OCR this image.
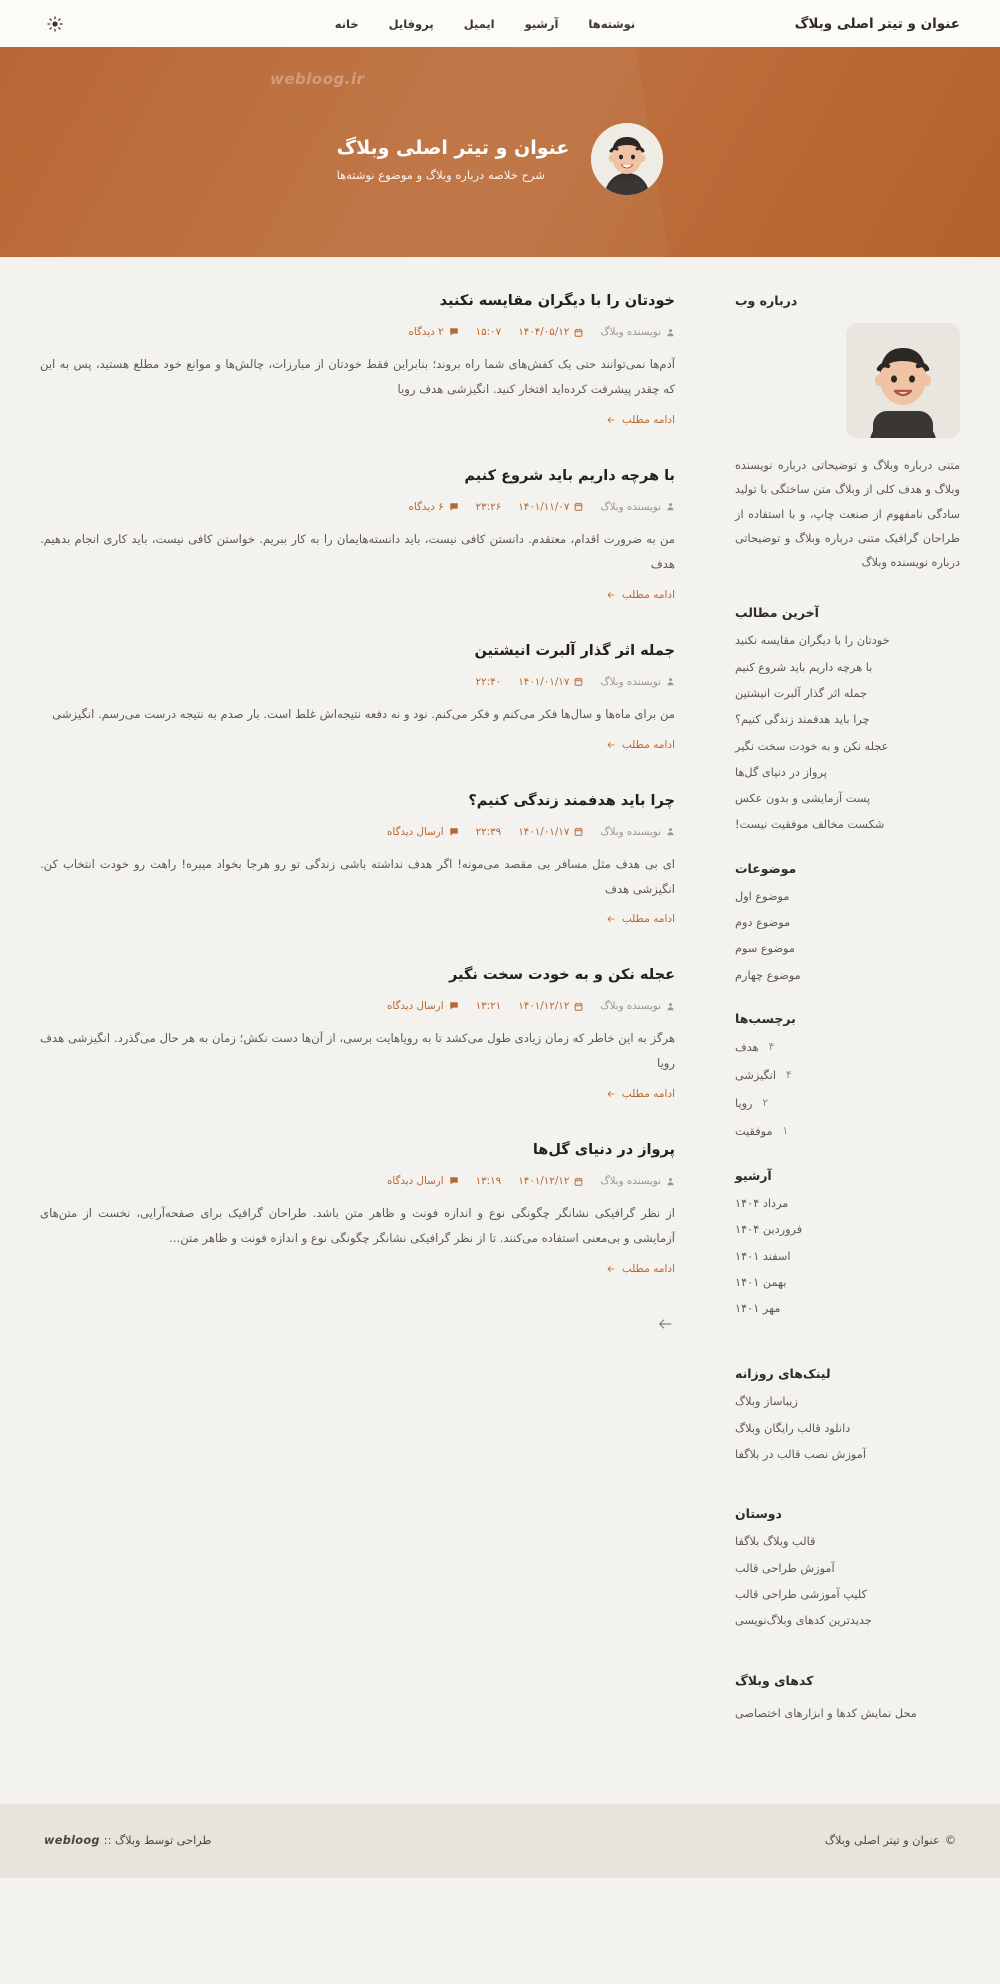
عنوان و تیتر اصلی وبلاگ
نوشته‌ها
آرشیو
ایمیل
پروفایل
خانه
webloog.ir
عنوان و تیتر اصلی وبلاگ
شرح خلاصه درباره وبلاگ و موضوع نوشته‌ها
درباره وب
متنی درباره وبلاگ و توضیحاتی درباره نویسنده وبلاگ و هدف کلی از وبلاگ متن ساختگی با تولید سادگی نامفهوم از صنعت چاپ، و با استفاده از طراحان گرافیک متنی درباره وبلاگ و توضیحاتی درباره نویسنده وبلاگ
آخرین مطالب
خودتان را با دیگران مقایسه نکنید
با هرچه داریم باید شروع کنیم
جمله اثر گذار آلبرت انیشتین
چرا باید هدفمند زندگی کنیم؟
عجله نکن و به خودت سخت نگیر
پرواز در دنیای گل‌ها
پست آزمایشی و بدون عکس
شکست مخالف موفقیت نیست!
موضوعات
موضوع اول
موضوع دوم
موضوع سوم
موضوع چهارم
برچسب‌ها
هدف ۴
انگیزشی ۴
رویا ۲
موفقیت ۱
آرشیو
مرداد ۱۴۰۴
فروردین ۱۴۰۴
اسفند ۱۴۰۱
بهمن ۱۴۰۱
مهر ۱۴۰۱
لینک‌های روزانه
زیباساز وبلاگ
دانلود قالب رایگان وبلاگ
آموزش نصب قالب در بلاگفا
دوستان
قالب وبلاگ بلاگفا
آموزش طراحی قالب
کلیپ آموزشی طراحی قالب
جدیدترین کدهای وبلاگ‌نویسی
کدهای وبلاگ
محل نمایش کدها و ابزارهای اختصاصی
خودتان را با دیگران مقایسه نکنید
نویسنده وبلاگ
۱۴۰۴/۰۵/۱۲
۱۵:۰۷
۲ دیدگاه

آدم‌ها نمی‌توانند حتی یک کفش‌های شما راه بروند؛ بنابراین فقط خودتان از مبارزات، چالش‌ها و موانع خود مطلع هستید، پس به این که چقدر پیشرفت کرده‌اید افتخار کنید. انگیزشی هدف رویا

ادامه مطلب
با هرچه داریم باید شروع کنیم
نویسنده وبلاگ
۱۴۰۱/۱۱/۰۷
۲۳:۲۶
۶ دیدگاه

من به ضرورت اقدام، معتقدم. دانستن کافی نیست، باید دانسته‌هایمان را به کار ببریم. خواستن کافی نیست، باید کاری انجام بدهیم. هدف

ادامه مطلب
جمله اثر گذار آلبرت انیشتین
نویسنده وبلاگ
۱۴۰۱/۰۱/۱۷
۲۲:۴۰

من برای ماه‌ها و سال‌ها فکر می‌کنم و فکر می‌کنم. نود و نه دفعه نتیجه‌اش غلط است. بار صدم به نتیجه درست می‌رسم. انگیزشی

ادامه مطلب
چرا باید هدفمند زندگی کنیم؟
نویسنده وبلاگ
۱۴۰۱/۰۱/۱۷
۲۲:۳۹
ارسال دیدگاه

ای بی هدف مثل مسافر بی مقصد می‌مونه! اگر هدف نداشته باشی زندگی تو رو هرجا بخواد میبره! راهت رو خودت انتخاب کن. انگیزشی هدف

ادامه مطلب
عجله نکن و به خودت سخت نگیر
نویسنده وبلاگ
۱۴۰۱/۱۲/۱۲
۱۳:۲۱
ارسال دیدگاه

هرگز به این خاطر که زمان زیادی طول می‌کشد تا به رویاهایت برسی، از آن‌ها دست نکش؛ زمان به هر حال می‌گذرد. انگیزشی هدف رویا

ادامه مطلب
پرواز در دنیای گل‌ها
نویسنده وبلاگ
۱۴۰۱/۱۲/۱۲
۱۳:۱۹
ارسال دیدگاه

از نظر گرافیکی نشانگر چگونگی نوع و اندازه فونت و ظاهر متن باشد. طراحان گرافیک برای صفحه‌آرایی، نخست از متن‌های آزمایشی و بی‌معنی استفاده می‌کنند. تا از نظر گرافیکی نشانگر چگونگی نوع و اندازه فونت و ظاهر متن...

ادامه مطلب
©
عنوان و تیتر اصلی وبلاگ
طراحی توسط وبلاگ ::
webloog
